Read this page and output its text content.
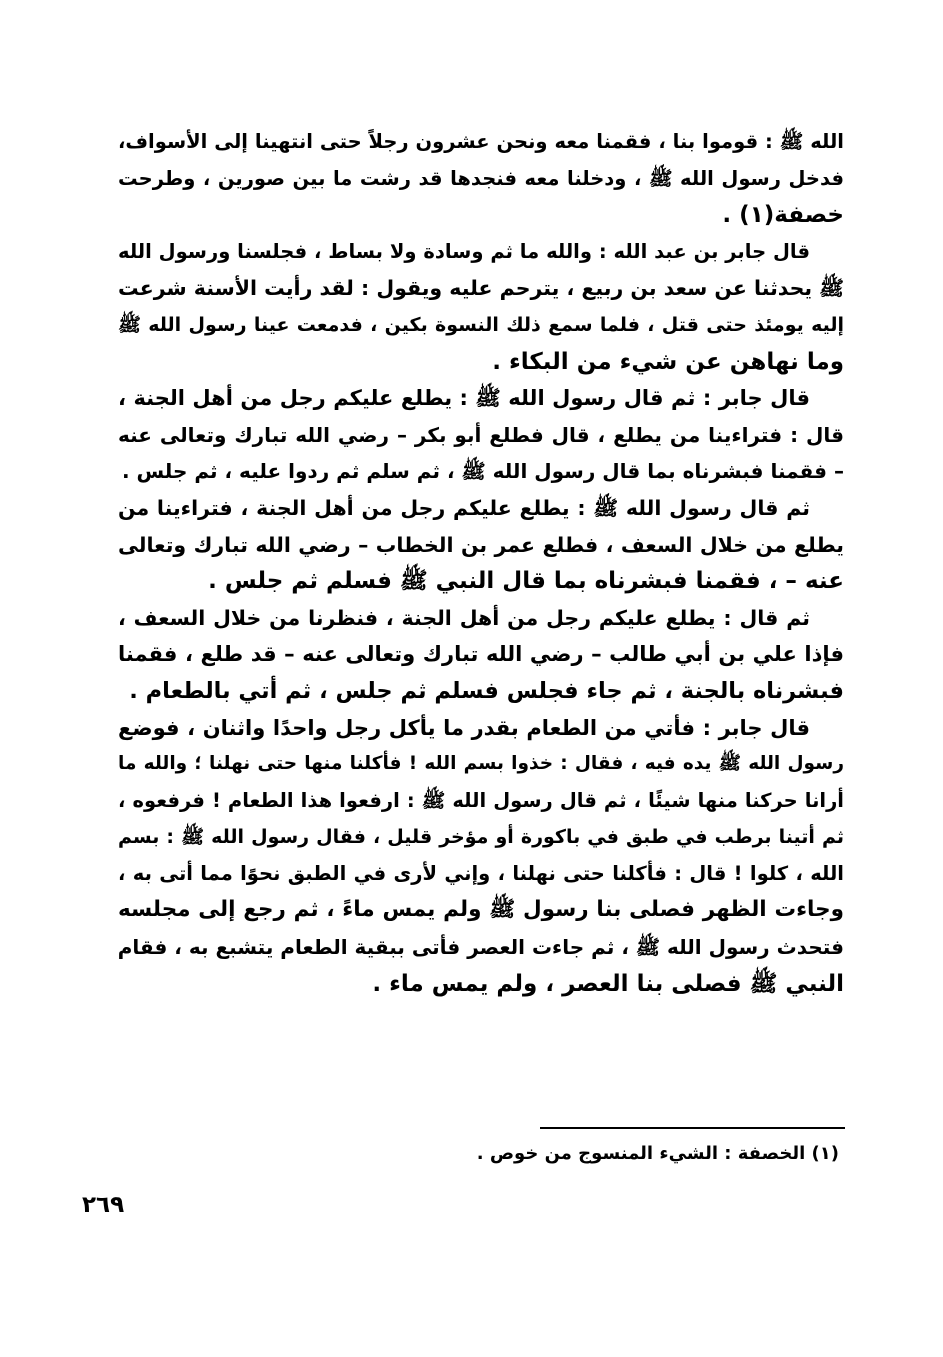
الله ﷺ : قوموا بنا ، فقمنا معه ونحن عشرون رجلاً حتى انتهينا إلى الأسواف،
فدخل رسول الله ﷺ ، ودخلنا معه فنجدها قد رشت ما بين صورين ، وطرحت
خصفة(١) .
قال جابر بن عبد الله : والله ما ثم وسادة ولا بساط ، فجلسنا ورسول الله
ﷺ يحدثنا عن سعد بن ربيع ، يترحم عليه ويقول : لقد رأيت الأسنة شرعت
إليه يومئذ حتى قتل ، فلما سمع ذلك النسوة بكين ، فدمعت عينا رسول الله ﷺ
وما نهاهن عن شيء من البكاء .
قال جابر : ثم قال رسول الله ﷺ : يطلع عليكم رجل من أهل الجنة ،
قال : فتراءينا من يطلع ، قال فطلع أبو بكر – رضي الله تبارك وتعالى عنه
– فقمنا فبشرناه بما قال رسول الله ﷺ ، ثم سلم ثم ردوا عليه ، ثم جلس .
ثم قال رسول الله ﷺ : يطلع عليكم رجل من أهل الجنة ، فتراءينا من
يطلع من خلال السعف ، فطلع عمر بن الخطاب – رضي الله تبارك وتعالى
عنه – ، فقمنا فبشرناه بما قال النبي ﷺ فسلم ثم جلس .
ثم قال : يطلع عليكم رجل من أهل الجنة ، فنظرنا من خلال السعف ،
فإذا علي بن أبي طالب – رضي الله تبارك وتعالى عنه – قد طلع ، فقمنا
فبشرناه بالجنة ، ثم جاء فجلس فسلم ثم جلس ، ثم أتي بالطعام .
قال جابر : فأتي من الطعام بقدر ما يأكل رجل واحدًا واثنان ، فوضع
رسول الله ﷺ يده فيه ، فقال : خذوا بسم الله ! فأكلنا منها حتى نهلنا ؛ والله ما
أرانا حركنا منها شيئًا ، ثم قال رسول الله ﷺ : ارفعوا هذا الطعام ! فرفعوه ،
ثم أتينا برطب في طبق في باكورة أو مؤخر قليل ، فقال رسول الله ﷺ : بسم
الله ، كلوا ! قال : فأكلنا حتى نهلنا ، وإني لأرى في الطبق نحوًا مما أتى به ،
وجاءت الظهر فصلى بنا رسول ﷺ ولم يمس ماءً ، ثم رجع إلى مجلسه
فتحدث رسول الله ﷺ ، ثم جاءت العصر فأتى ببقية الطعام يتشبع به ، فقام
النبي ﷺ فصلى بنا العصر ، ولم يمس ماء .
(١) الخصفة : الشيء المنسوج من خوص .
٢٦٩
